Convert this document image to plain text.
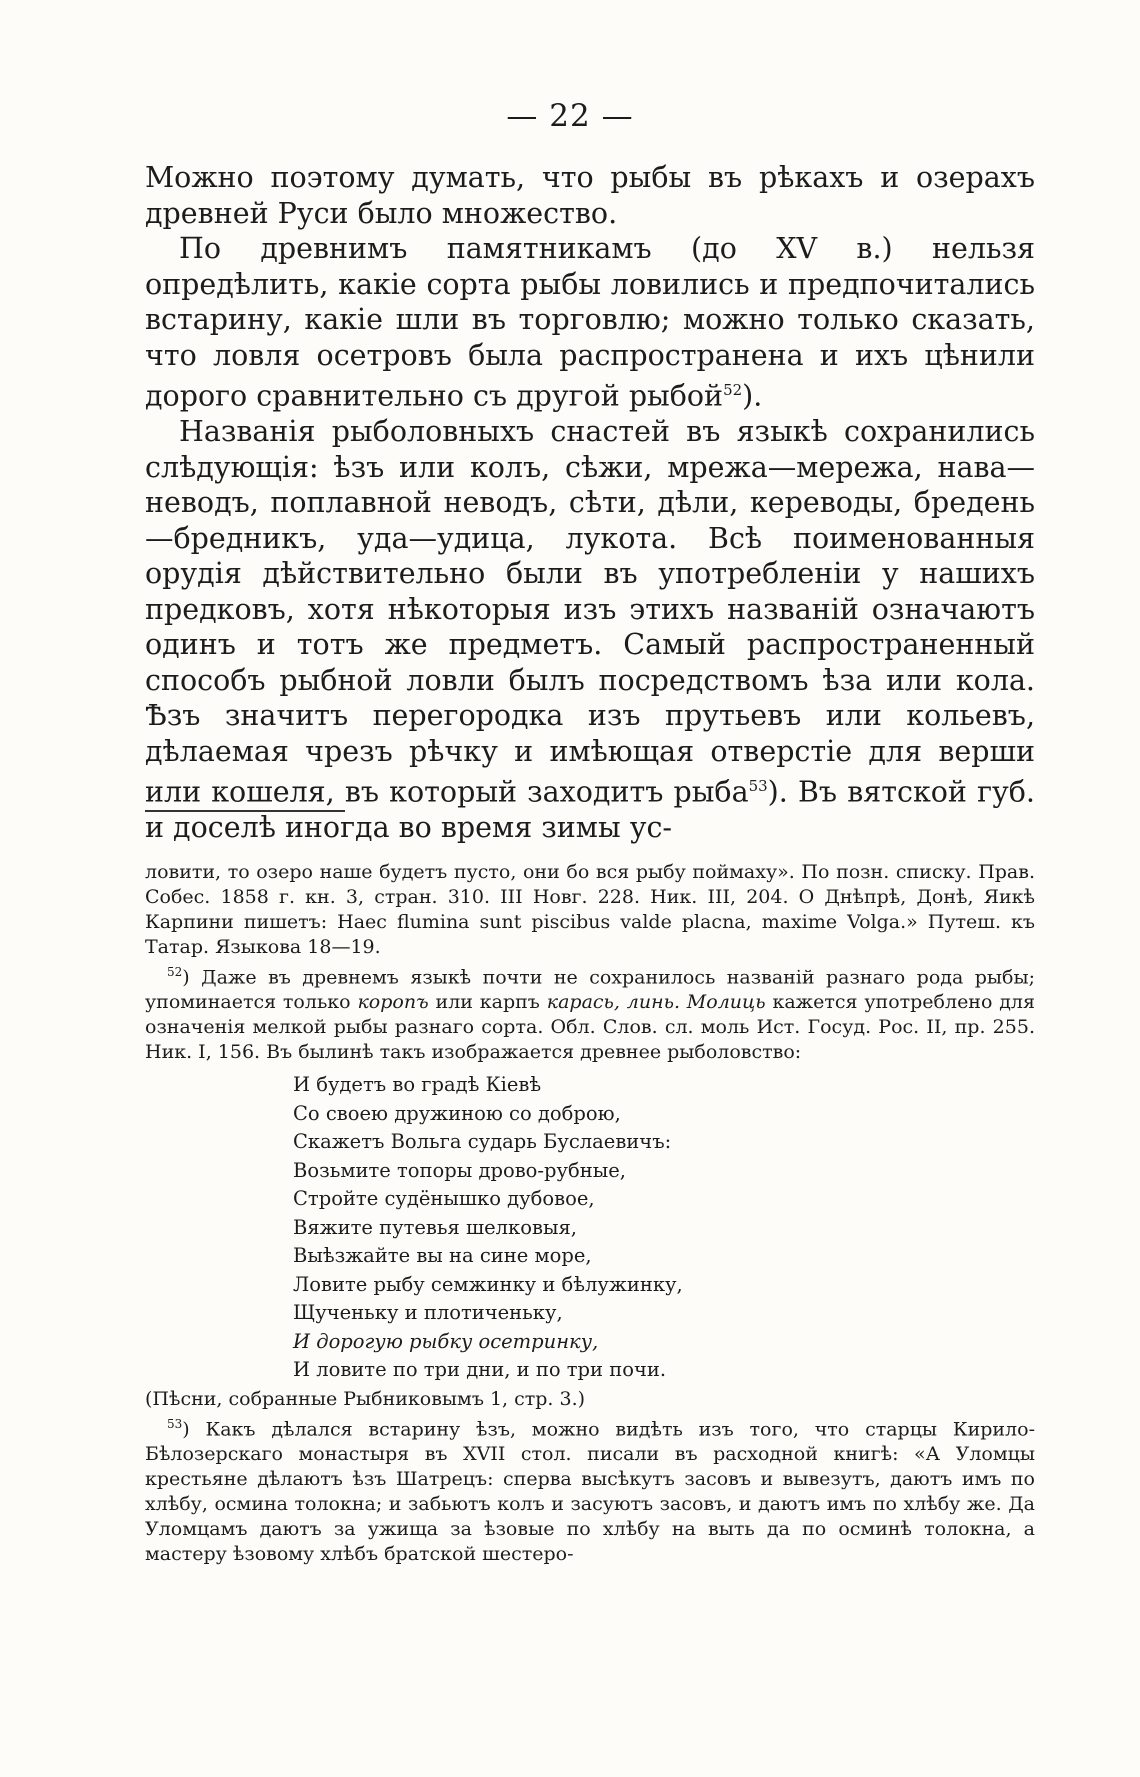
— 22 —

Можно поэтому думать, что рыбы въ рѣкахъ и озерахъ древней Руси было множество.

По древнимъ памятникамъ (до XV в.) нельзя опредѣлить, какіе сорта рыбы ловились и предпочитались встарину, какіе шли въ торговлю; можно только сказать, что ловля осетровъ была распространена и ихъ цѣнили дорого сравнительно съ другой рыбой$^{52}$).

Названія рыболовныхъ снастей въ языкѣ сохранились слѣдующія: ѣзъ или колъ, сѣжи, мрежа—мережа, нава—неводъ, поплавной неводъ, сѣти, дѣли, кереводы, бредень—бредникъ, уда—удица, лукота. Всѣ поименованныя орудія дѣйствительно были въ употребленіи у нашихъ предковъ, хотя нѣкоторыя изъ этихъ названій означаютъ одинъ и тотъ же предметъ. Самый распространенный способъ рыбной ловли былъ посредствомъ ѣза или кола. Ѣзъ значитъ перегородка изъ прутьевъ или кольевъ, дѣлаемая чрезъ рѣчку и имѣющая отверстіе для верши или кошеля, въ который заходитъ рыба$^{53}$). Въ вятской губ. и доселѣ иногда во время зимы ус-

ловити, то озеро наше будетъ пусто, они бо вся рыбу поймаху». По позн. списку. Прав. Собес. 1858 г. кн. 3, стран. 310. III Новг. 228. Ник. III, 204. О Днѣпрѣ, Донѣ, Яикѣ Карпини пишетъ: Haec flumina sunt piscibus valde placna, maxime Volga.» Путеш. къ Татар. Языкова 18—19.

$^{52}$) Даже въ древнемъ языкѣ почти не сохранилось названій разнаго рода рыбы; упоминается только коропъ или карпъ карась, линь. Молиць кажется употреблено для означенія мелкой рыбы разнаго сорта. Обл. Слов. сл. моль Ист. Госуд. Рос. II, пр. 255. Ник. I, 156. Въ былинѣ такъ изображается древнее рыболовство:

И будетъ во градѣ Кіевѣ
Со своею дружиною со доброю,
Скажетъ Вольга сударь Буслаевичъ:
Возьмите топоры дрово-рубные,
Стройте судёнышко дубовое,
Вяжите путевья шелковыя,
Выѣзжайте вы на сине море,
Ловите рыбу семжинку и бѣлужинку,
Щученьку и плотиченьку,
И дорогую рыбку осетринку,
И ловите по три дни, и по три почи.

(Пѣсни, собранные Рыбниковымъ 1, стр. 3.)

$^{53}$) Какъ дѣлался встарину ѣзъ, можно видѣть изъ того, что старцы Кирило-Бѣлозерскаго монастыря въ XVII стол. писали въ расходной книгѣ: «А Уломцы крестьяне дѣлаютъ ѣзъ Шатрецъ: сперва высѣкутъ засовъ и вывезутъ, даютъ имъ по хлѣбу, осмина толокна; и забьютъ колъ и засуютъ засовъ, и даютъ имъ по хлѣбу же. Да Уломцамъ даютъ за ужища за ѣзовые по хлѣбу на выть да по осминѣ толокна, а мастеру ѣзовому хлѣбъ братской шестеро-
